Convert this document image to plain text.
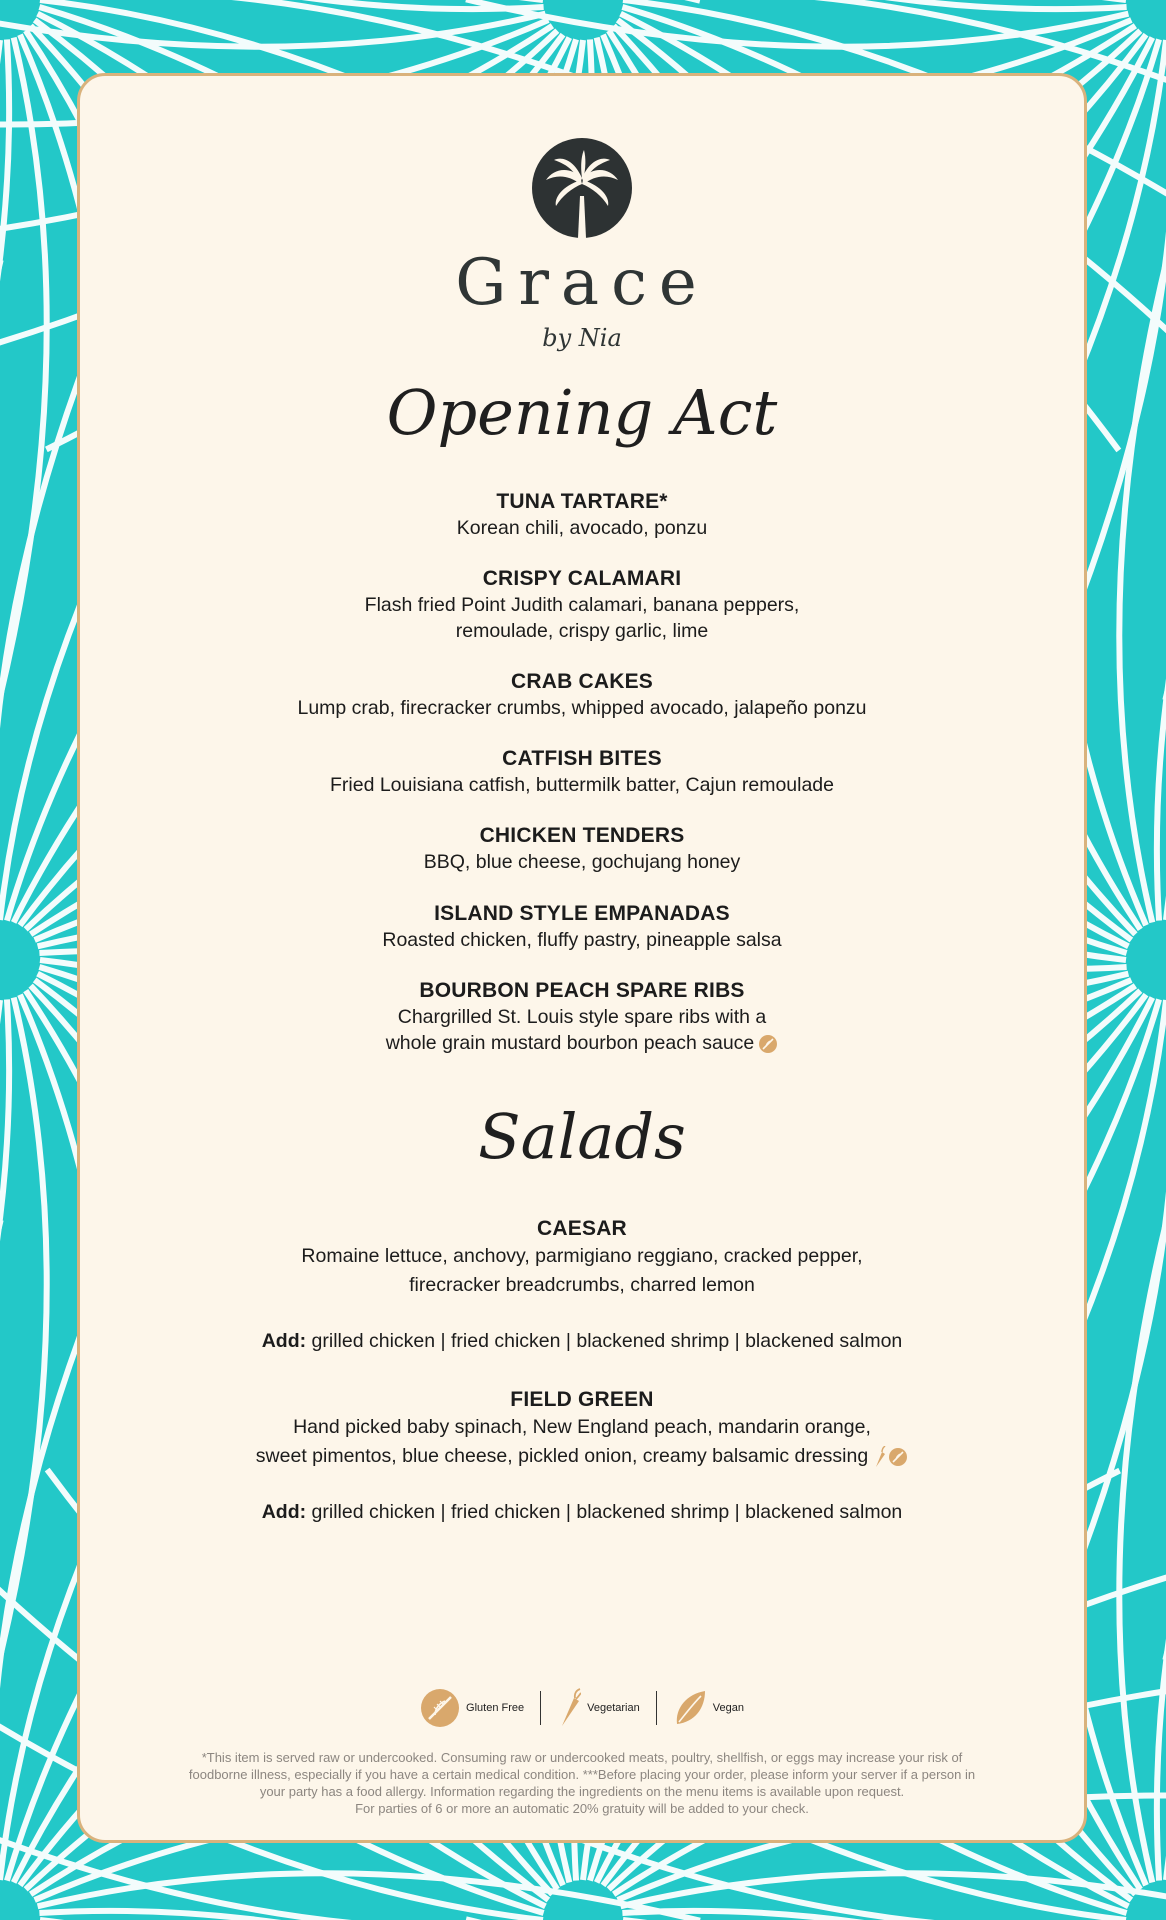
Grace
by Nia
Opening Act
TUNA TARTARE*
Korean chili, avocado, ponzu
CRISPY CALAMARI
Flash fried Point Judith calamari, banana peppers,
remoulade, crispy garlic, lime
CRAB CAKES
Lump crab, firecracker crumbs, whipped avocado, jalapeño ponzu
CATFISH BITES
Fried Louisiana catfish, buttermilk batter, Cajun remoulade
CHICKEN TENDERS
BBQ, blue cheese, gochujang honey
ISLAND STYLE EMPANADAS
Roasted chicken, fluffy pastry, pineapple salsa
BOURBON PEACH SPARE RIBS
Chargrilled St. Louis style spare ribs with a
whole grain mustard bourbon peach sauce
Salads
CAESAR
Romaine lettuce, anchovy, parmigiano reggiano, cracked pepper,
firecracker breadcrumbs, charred lemon
Add: grilled chicken | fried chicken | blackened shrimp | blackened salmon
FIELD GREEN
Hand picked baby spinach, New England peach, mandarin orange,
sweet pimentos, blue cheese, pickled onion, creamy balsamic dressing
Add: grilled chicken | fried chicken | blackened shrimp | blackened salmon
Gluten Free	Vegetarian	Vegan
*This item is served raw or undercooked. Consuming raw or undercooked meats, poultry, shellfish, or eggs may increase your risk of
foodborne illness, especially if you have a certain medical condition. ***Before placing your order, please inform your server if a person in
your party has a food allergy. Information regarding the ingredients on the menu items is available upon request.
For parties of 6 or more an automatic 20% gratuity will be added to your check.
